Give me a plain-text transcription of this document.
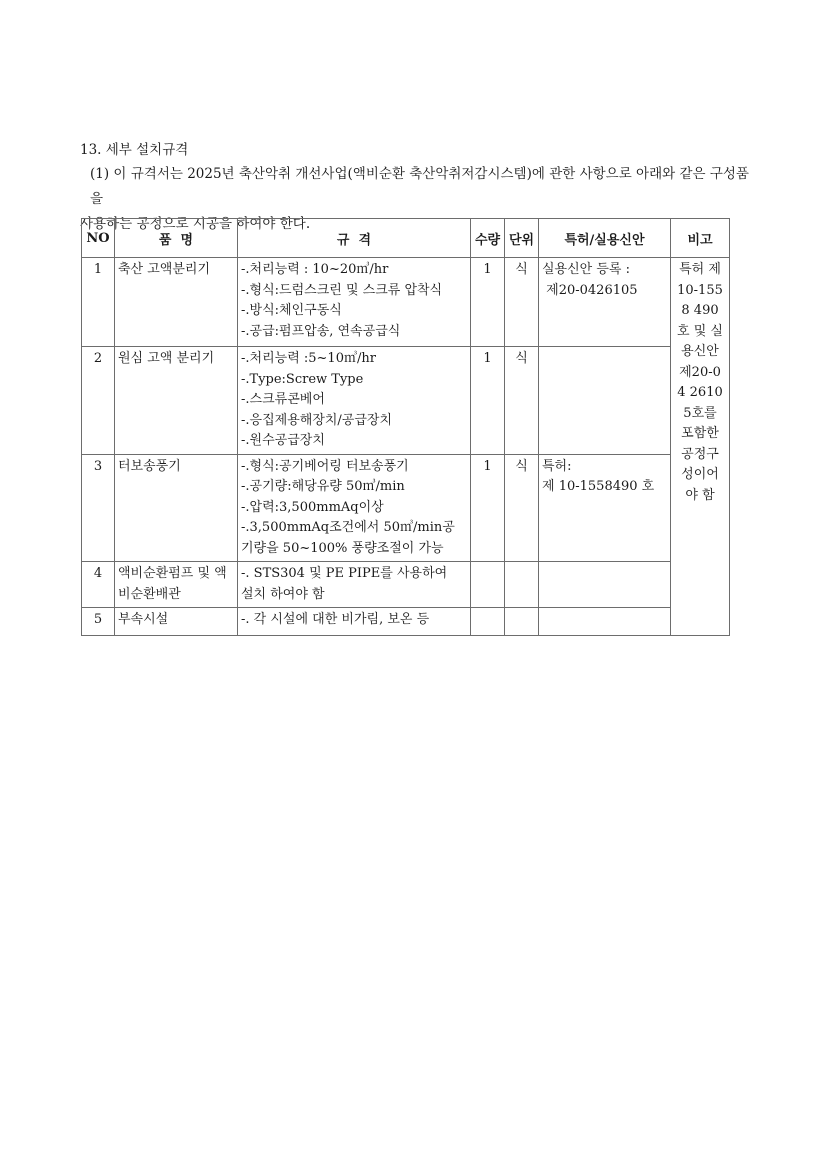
13. 세부 설치규격
(1) 이 규격서는 2025년 축산악취 개선사업(액비순환 축산악취저감시스템)에 관한 사항으로 아래와 같은 구성품을
사용하는 공정으로 시공을 하여야 한다.
NO	품  명	규  격	수량	단위	특허/실용신안	비고
1	축산 고액분리기	-.처리능력 : 10~20㎥/hr
-.형식:드럼스크린 및 스크류 압착식
-.방식:체인구동식
-.공급:펌프압송, 연속공급식	1	식	실용신안 등록 :
제20-0426105	특허 제 10-1558 490 호 및 실용신안 제20-04 26105호를 포함한 공정구성이어야 함

2	원심 고액 분리기	-.처리능력 :5~10㎥/hr
-.Type:Screw Type
-.스크류콘베어
-.응집제용해장치/공급장치
-.원수공급장치	1	식		
3	터보송풍기	-.형식:공기베어링 터보송풍기
-.공기량:해당유량 50㎥/min
-.압력:3,500mmAq이상
-.3,500mmAq조건에서 50㎥/min공
기량을 50~100% 풍량조절이 가능	1	식	특허:
제 10-1558490 호	

4	액비순환펌프 및 액비순환배관	-. STS304 및 PE PIPE를 사용하여
설치 하여야 함				

5	부속시설	-. 각 시설에 대한 비가림, 보온 등				
